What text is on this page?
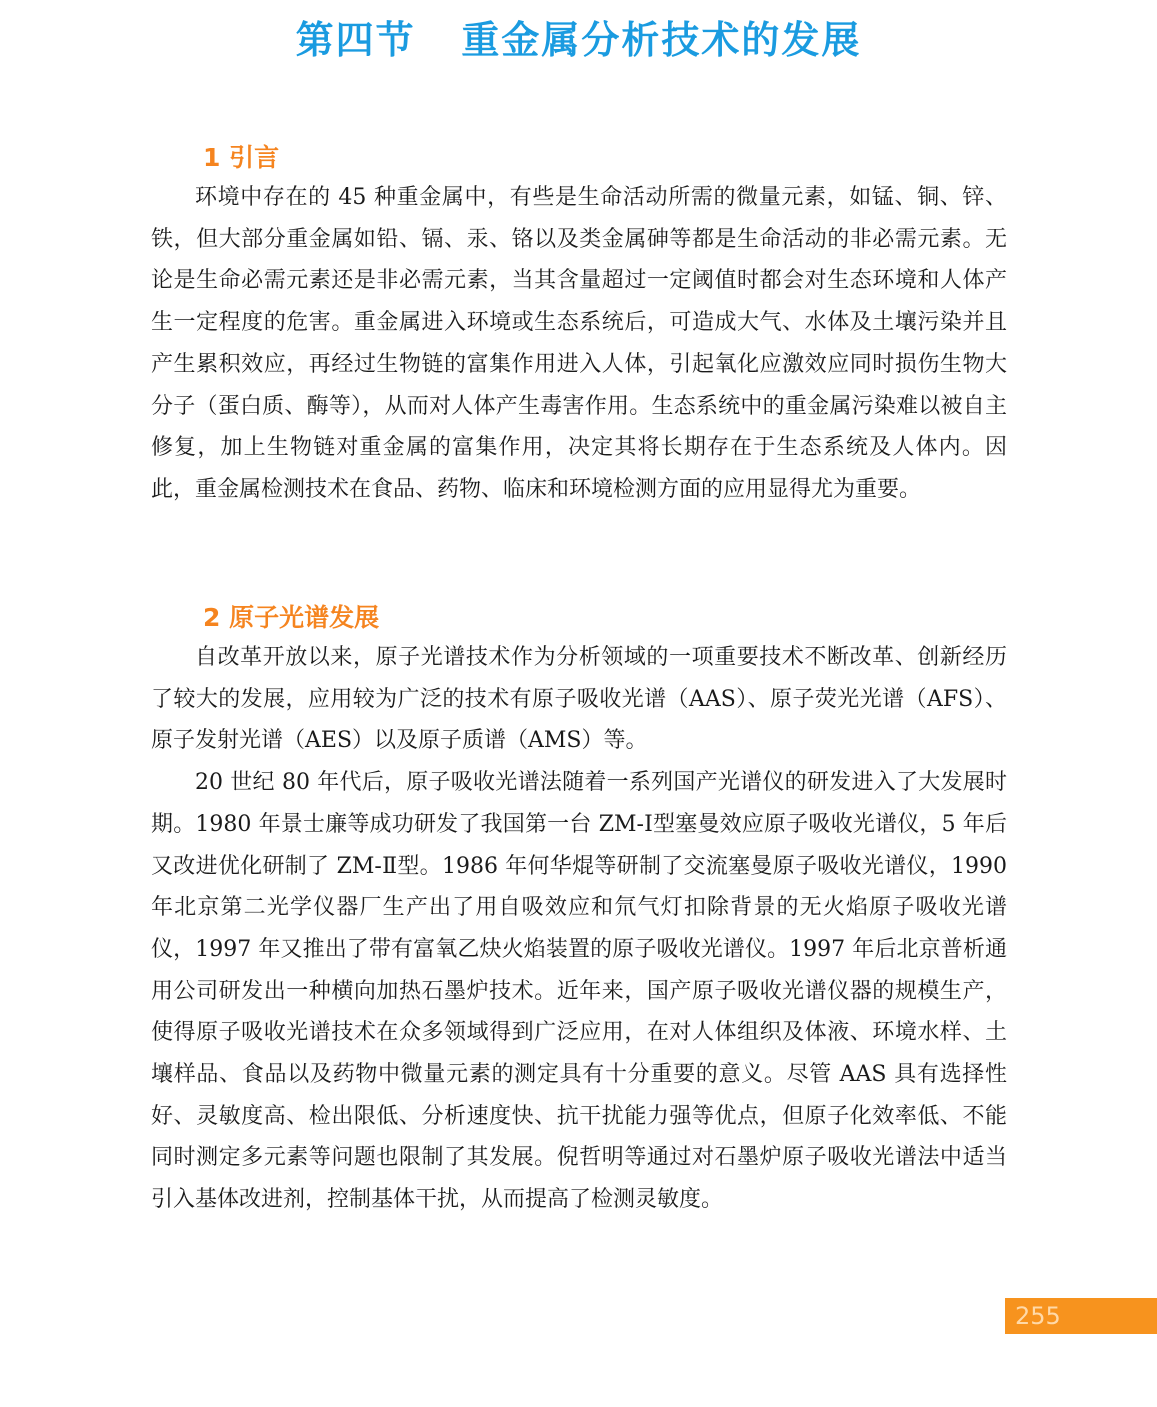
第四节   重金属分析技术的发展
1 引言

环境中存在的 45 种重金属中，有些是生命活动所需的微量元素，如锰、铜、锌、铁，但大部分重金属如铅、镉、汞、铬以及类金属砷等都是生命活动的非必需元素。无论是生命必需元素还是非必需元素，当其含量超过一定阈值时都会对生态环境和人体产生一定程度的危害。重金属进入环境或生态系统后，可造成大气、水体及土壤污染并且产生累积效应，再经过生物链的富集作用进入人体，引起氧化应激效应同时损伤生物大分子（蛋白质、酶等），从而对人体产生毒害作用。生态系统中的重金属污染难以被自主修复，加上生物链对重金属的富集作用，决定其将长期存在于生态系统及人体内。因此，重金属检测技术在食品、药物、临床和环境检测方面的应用显得尤为重要。

2 原子光谱发展

自改革开放以来，原子光谱技术作为分析领域的一项重要技术不断改革、创新经历了较大的发展，应用较为广泛的技术有原子吸收光谱（AAS）、原子荧光光谱（AFS）、原子发射光谱（AES）以及原子质谱（AMS）等。

20 世纪 80 年代后，原子吸收光谱法随着一系列国产光谱仪的研发进入了大发展时期。1980 年景士廉等成功研发了我国第一台 ZM-Ⅰ型塞曼效应原子吸收光谱仪，5 年后又改进优化研制了 ZM-Ⅱ型。1986 年何华焜等研制了交流塞曼原子吸收光谱仪，1990 年北京第二光学仪器厂生产出了用自吸效应和氘气灯扣除背景的无火焰原子吸收光谱仪，1997 年又推出了带有富氧乙炔火焰装置的原子吸收光谱仪。1997 年后北京普析通用公司研发出一种横向加热石墨炉技术。近年来，国产原子吸收光谱仪器的规模生产，使得原子吸收光谱技术在众多领域得到广泛应用，在对人体组织及体液、环境水样、土壤样品、食品以及药物中微量元素的测定具有十分重要的意义。尽管 AAS 具有选择性好、灵敏度高、检出限低、分析速度快、抗干扰能力强等优点，但原子化效率低、不能同时测定多元素等问题也限制了其发展。倪哲明等通过对石墨炉原子吸收光谱法中适当引入基体改进剂，控制基体干扰，从而提高了检测灵敏度。

255
